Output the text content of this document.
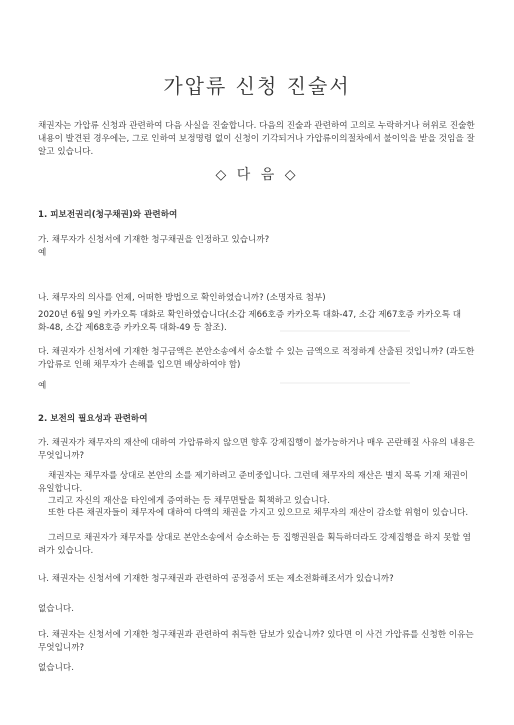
가압류 신청 진술서
채권자는 가압류 신청과 관련하여 다음 사실을 진술합니다. 다음의 진술과 관련하여 고의로 누락하거나 허위로 진술한 내용이 발견된 경우에는, 그로 인하여 보정명령 없이 신청이 기각되거나 가압류이의절차에서 불이익을 받을 것임을 잘 알고 있습니다.
◇ 다 음 ◇
1. 피보전권리(청구채권)와 관련하여
가. 채무자가 신청서에 기재한 청구채권을 인정하고 있습니까?
예
나. 채무자의 의사를 언제, 어떠한 방법으로 확인하였습니까? (소명자료 첨부)
2020년 6월 9일 카카오톡 대화로 확인하였습니다(소갑 제66호증 카카오톡 대화-47, 소갑 제67호증 카카오톡 대화-48, 소갑 제68호증 카카오톡 대화-49 등 참조).
다. 채권자가 신청서에 기재한 청구금액은 본안소송에서 승소할 수 있는 금액으로 적정하게 산출된 것입니까? (과도한 가압류로 인해 채무자가 손해를 입으면 배상하여야 함)
예
2. 보전의 필요성과 관련하여
가. 채권자가 채무자의 재산에 대하여 가압류하지 않으면 향후 강제집행이 불가능하거나 매우 곤란해질 사유의 내용은 무엇입니까?
채권자는 채무자를 상대로 본안의 소를 제기하려고 준비중입니다. 그런데 채무자의 재산은 별지 목록 기재 채권이 유일합니다.
그리고 자신의 재산을 타인에게 증여하는 등 채무면탈을 획책하고 있습니다.
또한 다른 채권자들이 채무자에 대하여 다액의 채권을 가지고 있으므로 채무자의 재산이 감소할 위험이 있습니다.
그러므로 채권자가 채무자를 상대로 본안소송에서 승소하는 등 집행권원을 획득하더라도 강제집행을 하지 못할 염려가 있습니다.
나. 채권자는 신청서에 기재한 청구채권과 관련하여 공정증서 또는 제소전화해조서가 있습니까?
없습니다.
다. 채권자는 신청서에 기재한 청구채권과 관련하여 취득한 담보가 있습니까? 있다면 이 사건 가압류를 신청한 이유는 무엇입니까?
없습니다.
